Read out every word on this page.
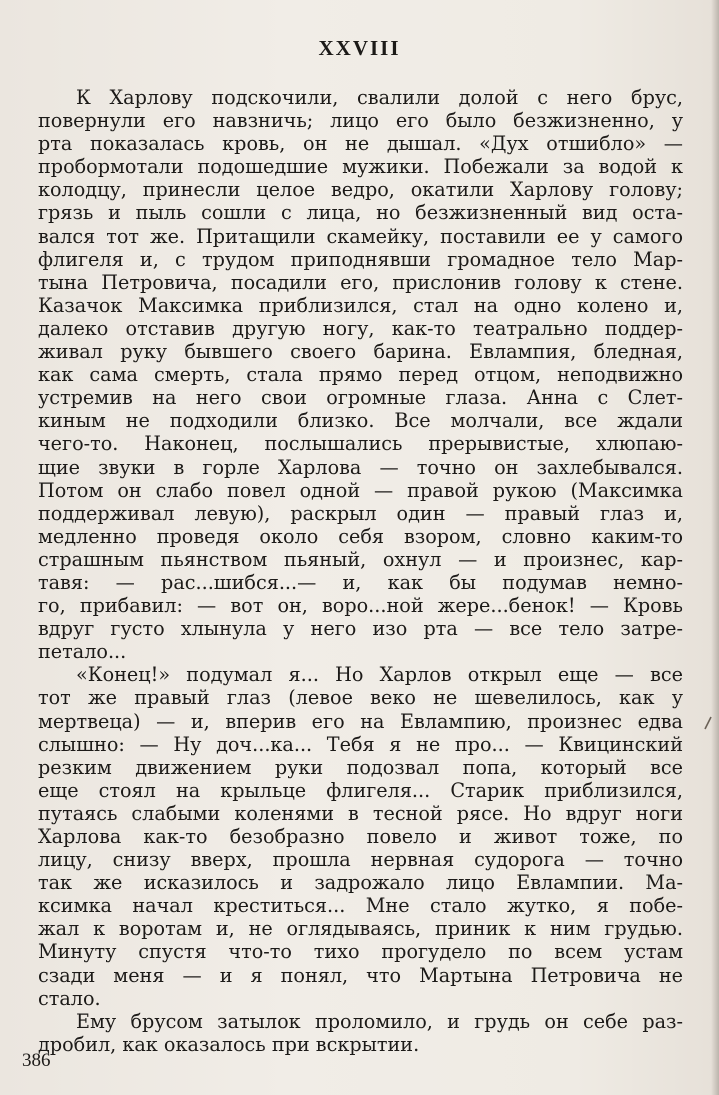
XXVIII
К Харлову подскочили, свалили долой с него брус,
повернули его навзничь; лицо его было безжизненно, у
рта показалась кровь, он не дышал. «Дух отшибло» —
пробормотали подошедшие мужики. Побежали за водой к
колодцу, принесли целое ведро, окатили Харлову голову;
грязь и пыль сошли с лица, но безжизненный вид оста-
вался тот же. Притащили скамейку, поставили ее у самого
флигеля и, с трудом приподнявши громадное тело Мар-
тына Петровича, посадили его, прислонив голову к стене.
Казачок Максимка приблизился, стал на одно колено и,
далеко отставив другую ногу, как-то театрально поддер-
живал руку бывшего своего барина. Евлампия, бледная,
как сама смерть, стала прямо перед отцом, неподвижно
устремив на него свои огромные глаза. Анна с Слет-
киным не подходили близко. Все молчали, все ждали
чего-то. Наконец, послышались прерывистые, хлюпаю-
щие звуки в горле Харлова — точно он захлебывался.
Потом он слабо повел одной — правой рукою (Максимка
поддерживал левую), раскрыл один — правый глаз и,
медленно проведя около себя взором, словно каким-то
страшным пьянством пьяный, охнул — и произнес, кар-
тавя: — рас...шибся...— и, как бы подумав немно-
го, прибавил: — вот он, воро...ной жере...бенок! — Кровь
вдруг густо хлынула у него изо рта — все тело затре-
петало...
«Конец!» подумал я... Но Харлов открыл еще — все
тот же правый глаз (левое веко не шевелилось, как у
мертвеца) — и, вперив его на Евлампию, произнес едва
слышно: — Ну доч...ка... Тебя я не про... — Квицинский
резким движением руки подозвал попа, который все
еще стоял на крыльце флигеля... Старик приблизился,
путаясь слабыми коленями в тесной рясе. Но вдруг ноги
Харлова как-то безобразно повело и живот тоже, по
лицу, снизу вверх, прошла нервная судорога — точно
так же исказилось и задрожало лицо Евлампии. Ма-
ксимка начал креститься... Мне стало жутко, я побе-
жал к воротам и, не оглядываясь, приник к ним грудью.
Минуту спустя что-то тихо прогудело по всем устам
сзади меня — и я понял, что Мартына Петровича не
стало.
Ему брусом затылок проломило, и грудь он себе раз-
дробил, как оказалось при вскрытии.
386
